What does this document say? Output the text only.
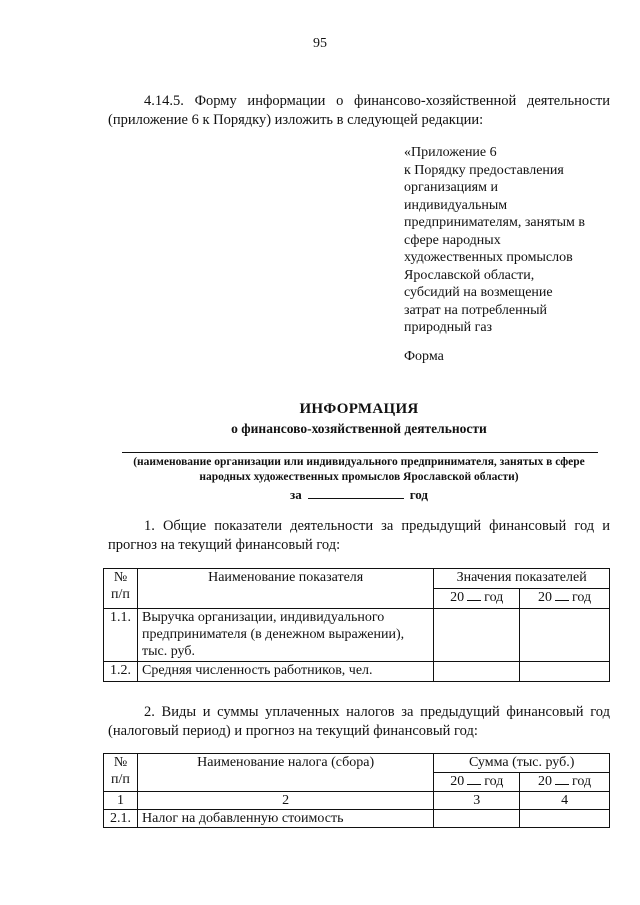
95
4.14.5. Форму информации о финансово-хозяйственной деятельности (приложение 6 к Порядку) изложить в следующей редакции:
«Приложение 6
к Порядку предоставления
организациям и
индивидуальным
предпринимателям, занятым в
сфере народных
художественных промыслов
Ярославской области,
субсидий на возмещение
затрат на потребленный
природный газ
Форма
ИНФОРМАЦИЯ
о финансово-хозяйственной деятельности
(наименование организации или индивидуального предпринимателя, занятых в сфере народных художественных промыслов Ярославской области)
за	год
1. Общие показатели деятельности за предыдущий финансовый год и прогноз на текущий финансовый год:
№ п/п	Наименование показателя	Значения показателей	
		20 год	20 год
1.1.	Выручка организации, индивидуального предпринимателя (в денежном выражении), тыс. руб.		
1.2.	Средняя численность работников, чел.		
2. Виды и суммы уплаченных налогов за предыдущий финансовый год (налоговый период) и прогноз на текущий финансовый год:
№ п/п	Наименование налога (сбора)	Сумма (тыс. руб.)	
		20 год	20 год
1	2	3	4
2.1.	Налог на добавленную стоимость		
